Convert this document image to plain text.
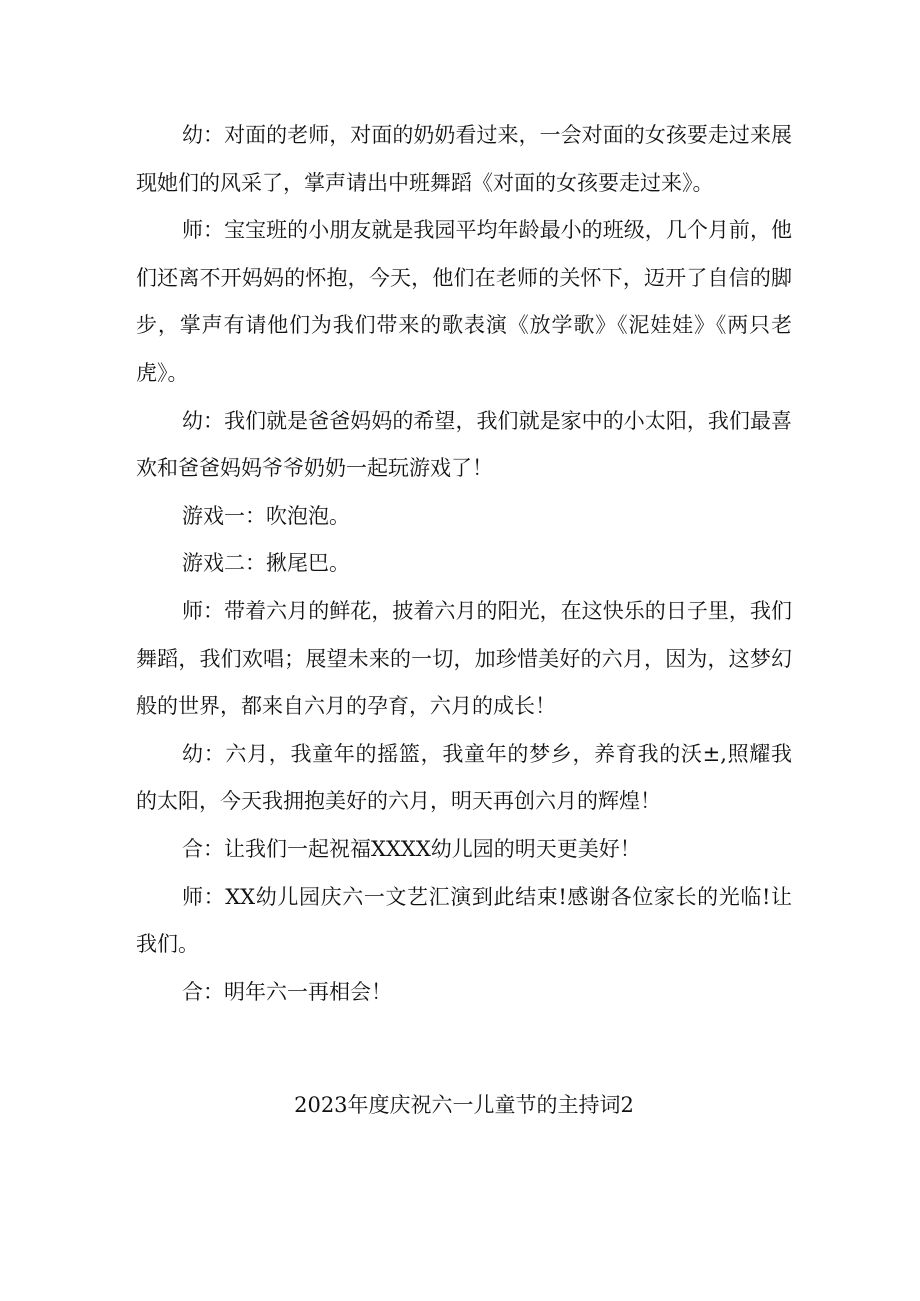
幼：对面的老师，对面的奶奶看过来，一会对面的女孩要走过来展现她们的风采了，掌声请出中班舞蹈《对面的女孩要走过来》。

师：宝宝班的小朋友就是我园平均年龄最小的班级，几个月前，他们还离不开妈妈的怀抱，今天，他们在老师的关怀下，迈开了自信的脚步，掌声有请他们为我们带来的歌表演《放学歌》《泥娃娃》《两只老虎》。

幼：我们就是爸爸妈妈的希望，我们就是家中的小太阳，我们最喜欢和爸爸妈妈爷爷奶奶一起玩游戏了！

游戏一：吹泡泡。

游戏二：揪尾巴。

师：带着六月的鲜花，披着六月的阳光，在这快乐的日子里，我们舞蹈，我们欢唱；展望未来的一切，加珍惜美好的六月，因为，这梦幻般的世界，都来自六月的孕育，六月的成长！

幼：六月，我童年的摇篮，我童年的梦乡，养育我的沃±,照耀我的太阳，今天我拥抱美好的六月，明天再创六月的辉煌！

合：让我们一起祝福XXXX幼儿园的明天更美好！

师：XX幼儿园庆六一文艺汇演到此结束!感谢各位家长的光临!让我们。

合：明年六一再相会！

2023年度庆祝六一儿童节的主持词2
